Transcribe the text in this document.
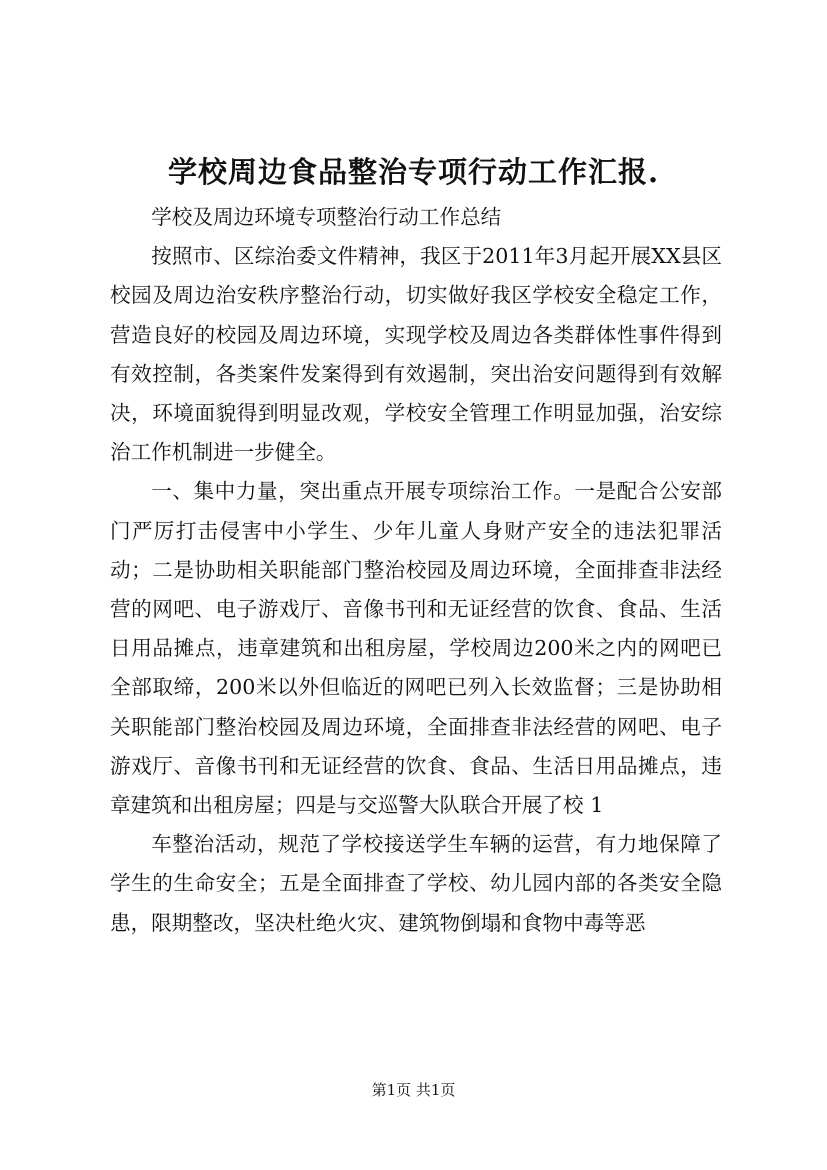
学校周边食品整治专项行动工作汇报.

学校及周边环境专项整治行动工作总结

按照市、区综治委文件精神，我区于2011年3月起开展XX县区校园及周边治安秩序整治行动，切实做好我区学校安全稳定工作，营造良好的校园及周边环境，实现学校及周边各类群体性事件得到有效控制，各类案件发案得到有效遏制，突出治安问题得到有效解决，环境面貌得到明显改观，学校安全管理工作明显加强，治安综治工作机制进一步健全。

一、集中力量，突出重点开展专项综治工作。一是配合公安部门严厉打击侵害中小学生、少年儿童人身财产安全的违法犯罪活动；二是协助相关职能部门整治校园及周边环境，全面排查非法经营的网吧、电子游戏厅、音像书刊和无证经营的饮食、食品、生活日用品摊点，违章建筑和出租房屋，学校周边200米之内的网吧已全部取缔，200米以外但临近的网吧已列入长效监督；三是协助相关职能部门整治校园及周边环境，全面排查非法经营的网吧、电子游戏厅、音像书刊和无证经营的饮食、食品、生活日用品摊点，违章建筑和出租房屋；四是与交巡警大队联合开展了校 1

车整治活动，规范了学校接送学生车辆的运营，有力地保障了学生的生命安全；五是全面排查了学校、幼儿园内部的各类安全隐患，限期整改，坚决杜绝火灾、建筑物倒塌和食物中毒等恶

第1页 共1页
